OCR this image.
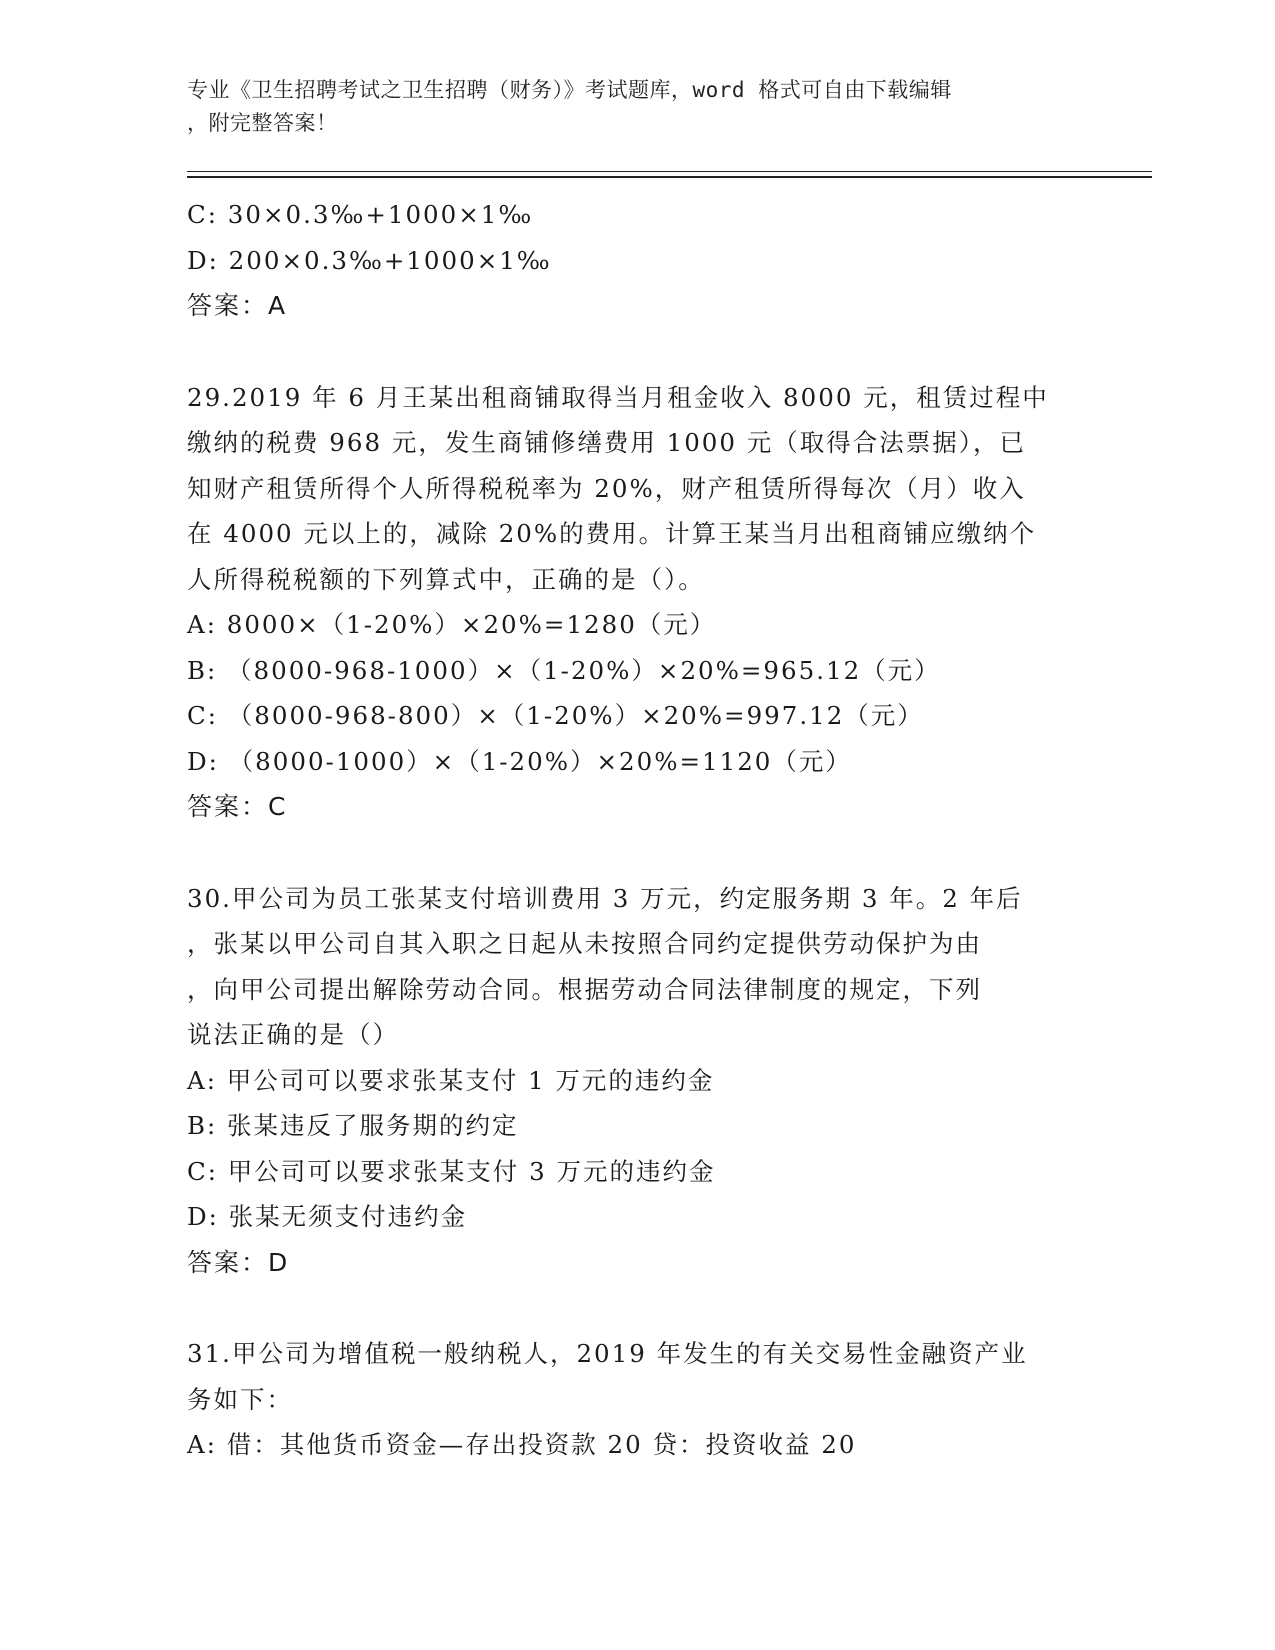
专业《卫生招聘考试之卫生招聘（财务）》考试题库，word 格式可自由下载编辑
，附完整答案！
C: 30×0.3‰+1000×1‰
D: 200×0.3‰+1000×1‰
答案：A
29.2019 年 6 月王某出租商铺取得当月租金收入 8000 元，租赁过程中
缴纳的税费 968 元，发生商铺修缮费用 1000 元（取得合法票据），已
知财产租赁所得个人所得税税率为 20%，财产租赁所得每次（月）收入
在 4000 元以上的，减除 20%的费用。计算王某当月出租商铺应缴纳个
人所得税税额的下列算式中，正确的是（）。
A: 8000×（1-20%）×20%=1280（元）
B: （8000-968-1000）×（1-20%）×20%=965.12（元）
C: （8000-968-800）×（1-20%）×20%=997.12（元）
D: （8000-1000）×（1-20%）×20%=1120（元）
答案：C
30.甲公司为员工张某支付培训费用 3 万元，约定服务期 3 年。2 年后
，张某以甲公司自其入职之日起从未按照合同约定提供劳动保护为由
，向甲公司提出解除劳动合同。根据劳动合同法律制度的规定，下列
说法正确的是（）
A: 甲公司可以要求张某支付 1 万元的违约金
B: 张某违反了服务期的约定
C: 甲公司可以要求张某支付 3 万元的违约金
D: 张某无须支付违约金
答案：D
31.甲公司为增值税一般纳税人，2019 年发生的有关交易性金融资产业
务如下：
A: 借：其他货币资金—存出投资款 20 贷：投资收益 20
